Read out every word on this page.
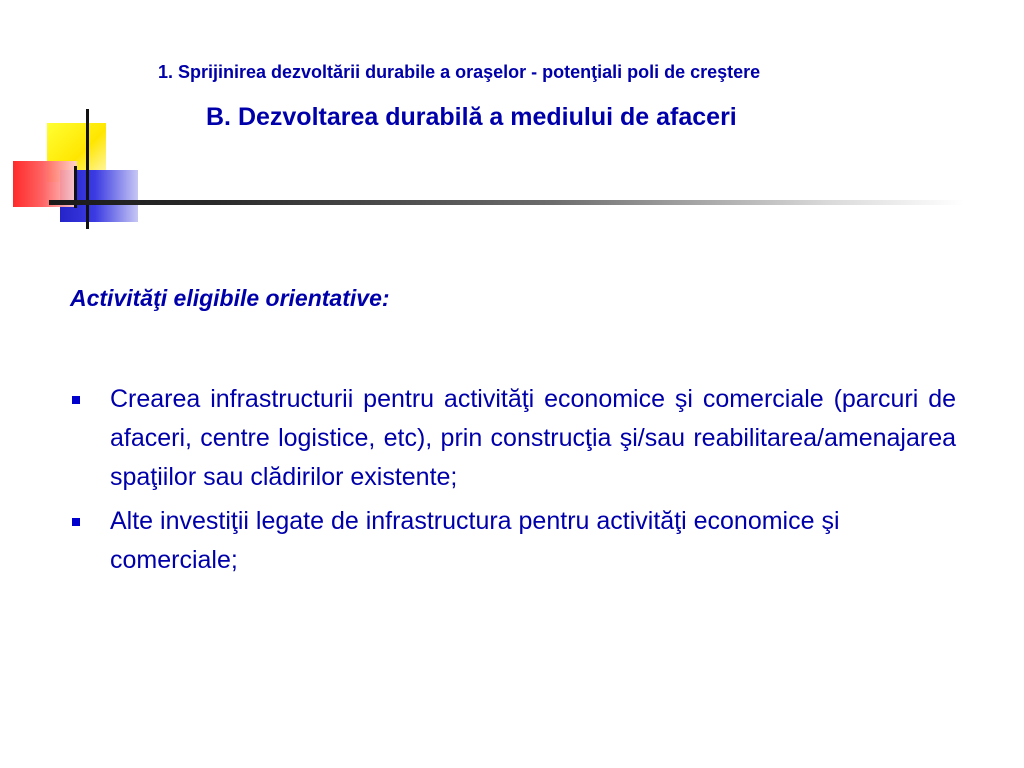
1. Sprijinirea dezvoltării durabile a oraşelor - potenţiali poli de creştere
B. Dezvoltarea durabilă a mediului de afaceri
Activităţi eligibile orientative:
Crearea infrastructurii pentru activităţi economice şi comerciale (parcuri de afaceri, centre logistice, etc), prin construcţia şi/sau reabilitarea/amenajarea spaţiilor sau clădirilor existente;
Alte investiţii legate de infrastructura pentru activităţi economice şi comerciale;
